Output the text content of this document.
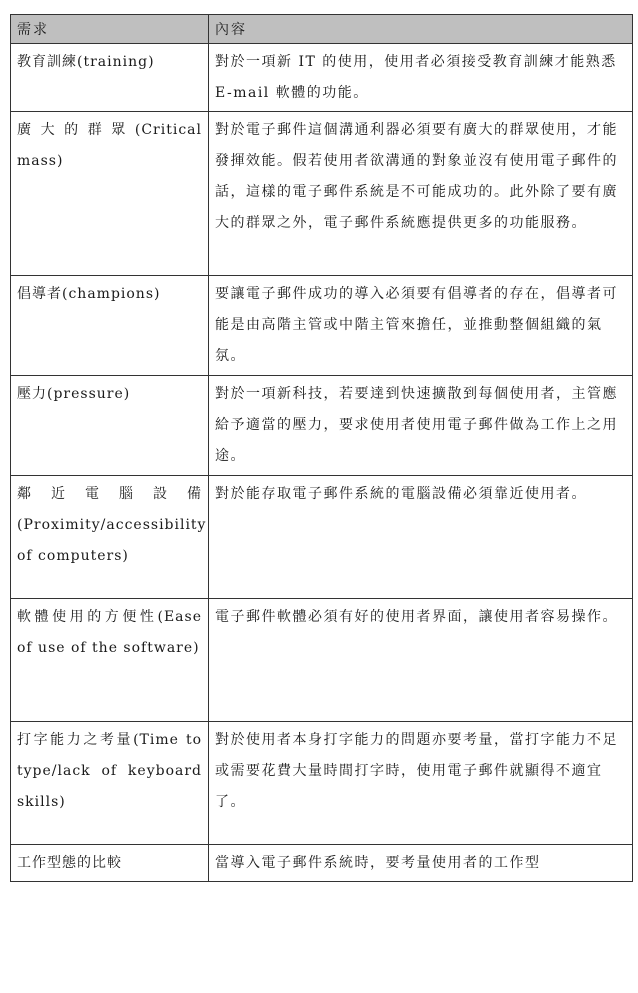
需求	內容
教育訓練(training)	對於一項新 IT 的使用，使用者必須接受教育訓練才能熟悉 E-mail 軟體的功能。
廣大的群眾(Critical mass)	對於電子郵件這個溝通利器必須要有廣大的群眾使用，才能發揮效能。假若使用者欲溝通的對象並沒有使用電子郵件的話，這樣的電子郵件系統是不可能成功的。此外除了要有廣大的群眾之外，電子郵件系統應提供更多的功能服務。
倡導者(champions)	要讓電子郵件成功的導入必須要有倡導者的存在，倡導者可能是由高階主管或中階主管來擔任，並推動整個組織的氣氛。
壓力(pressure)	對於一項新科技，若要達到快速擴散到每個使用者，主管應給予適當的壓力，要求使用者使用電子郵件做為工作上之用途。
鄰近電腦設備(Proximity/accessibility of computers)	對於能存取電子郵件系統的電腦設備必須靠近使用者。
軟體使用的方便性(Ease of use of the software)	電子郵件軟體必須有好的使用者界面，讓使用者容易操作。
打字能力之考量(Time to type/lack of keyboard skills)	對於使用者本身打字能力的問題亦要考量，當打字能力不足或需要花費大量時間打字時，使用電子郵件就顯得不適宜了。
工作型態的比較	當導入電子郵件系統時，要考量使用者的工作型
